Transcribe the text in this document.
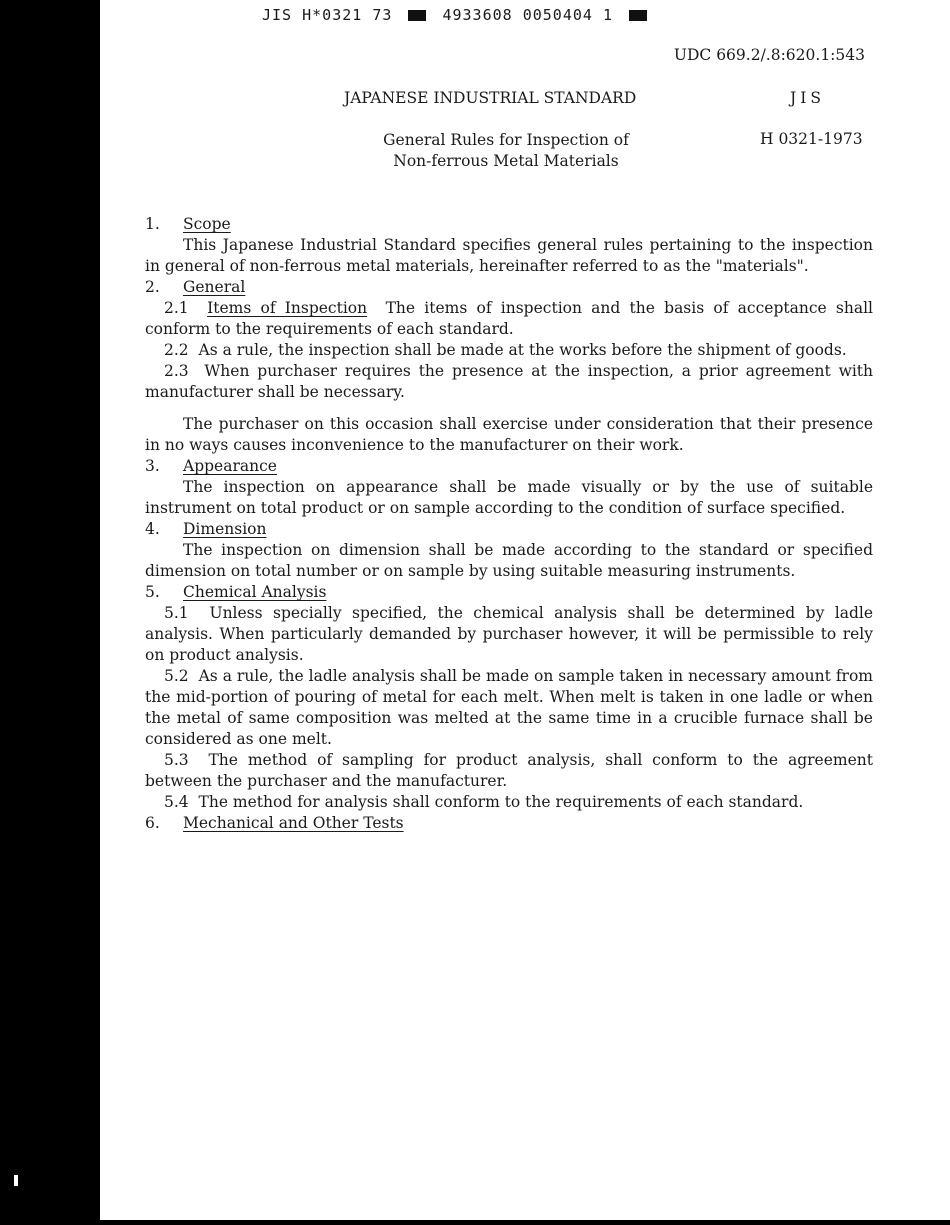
JIS H*0321 73	4933608 0050404 1
UDC 669.2/.8:620.1:543
JAPANESE INDUSTRIAL STANDARD	JIS
General Rules for Inspection of
Non-ferrous Metal Materials
H 0321-1973
1. Scope

This Japanese Industrial Standard specifies general rules pertaining to the inspection in general of non-ferrous metal materials, hereinafter referred to as the "materials".

2. General

2.1 Items of Inspection The items of inspection and the basis of acceptance shall conform to the requirements of each standard.

2.2 As a rule, the inspection shall be made at the works before the shipment of goods.

2.3 When purchaser requires the presence at the inspection, a prior agreement with manufacturer shall be necessary.

The purchaser on this occasion shall exercise under consideration that their presence in no ways causes inconvenience to the manufacturer on their work.

3. Appearance

The inspection on appearance shall be made visually or by the use of suitable instrument on total product or on sample according to the condition of surface specified.

4. Dimension

The inspection on dimension shall be made according to the standard or specified dimension on total number or on sample by using suitable measuring instruments.

5. Chemical Analysis

5.1 Unless specially specified, the chemical analysis shall be determined by ladle analysis. When particularly demanded by purchaser however, it will be permissible to rely on product analysis.

5.2 As a rule, the ladle analysis shall be made on sample taken in necessary amount from the mid-portion of pouring of metal for each melt. When melt is taken in one ladle or when the metal of same composition was melted at the same time in a crucible furnace shall be considered as one melt.

5.3 The method of sampling for product analysis, shall conform to the agreement between the purchaser and the manufacturer.

5.4 The method for analysis shall conform to the requirements of each standard.

6. Mechanical and Other Tests
